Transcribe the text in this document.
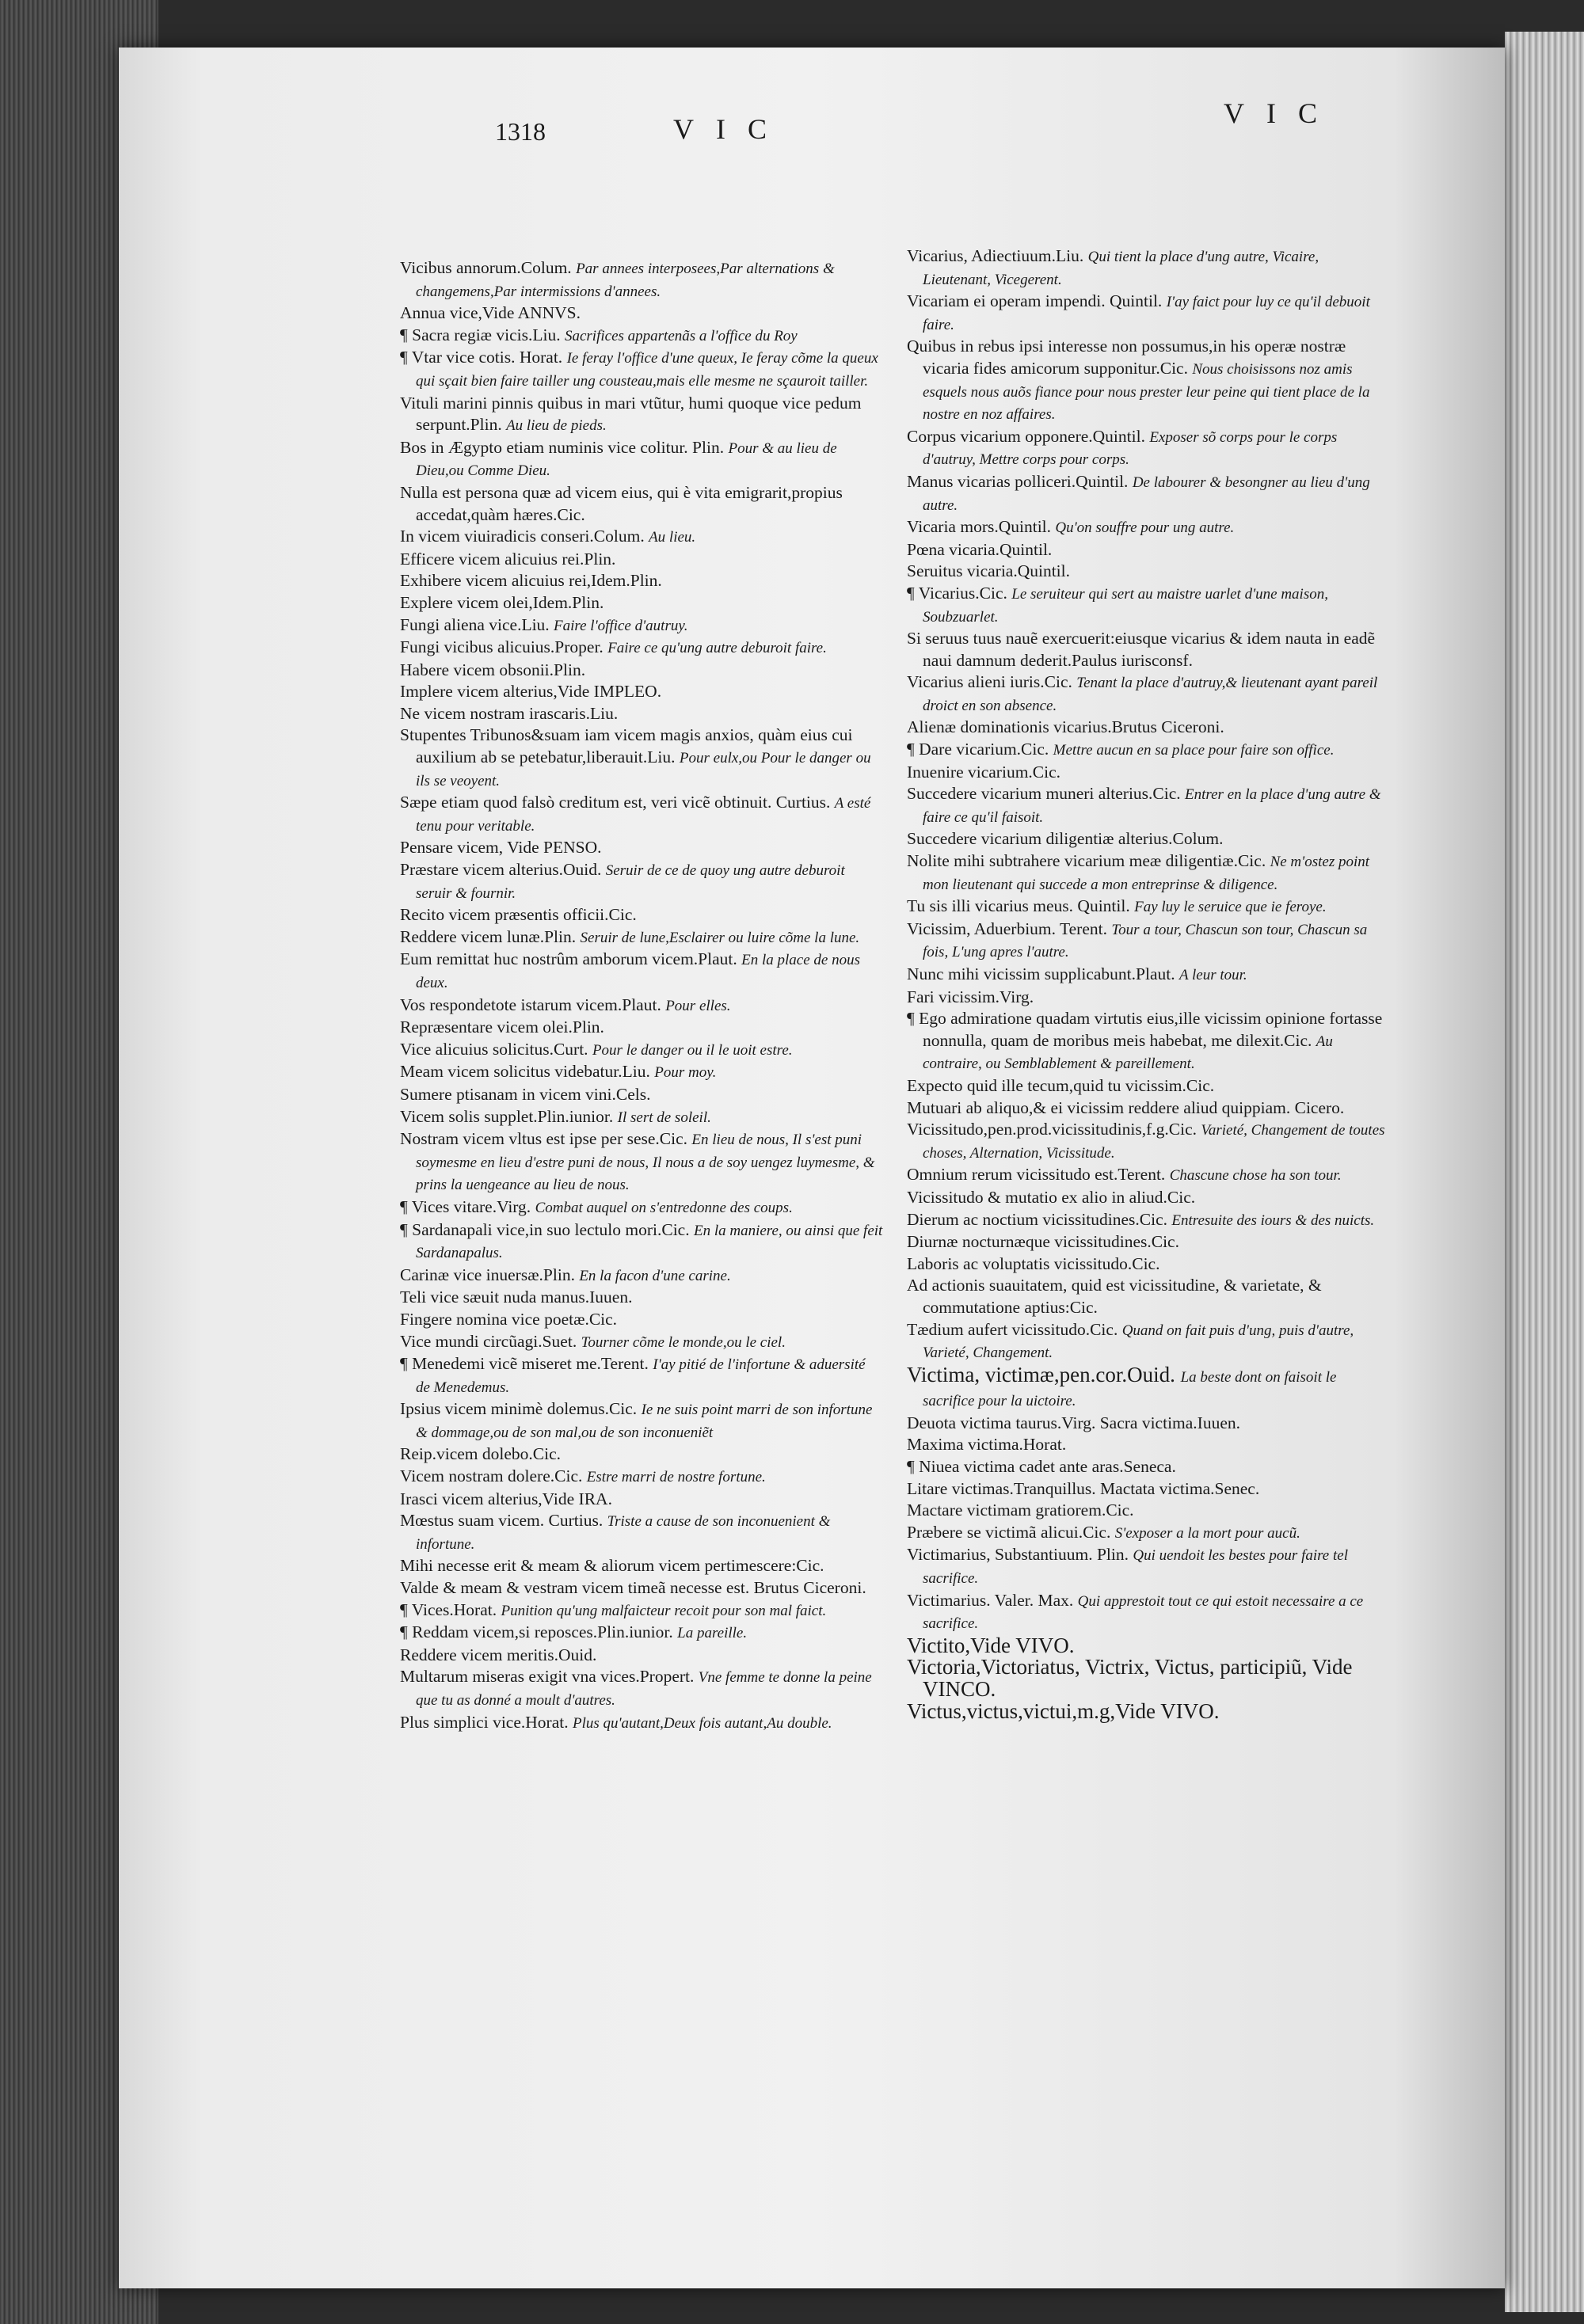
1318	VIC	VIC

Vicibus annorum.Colum. Par annees interposees,Par alternations & changemens,Par intermissions d'annees.

Annua vice,Vide ANNVS.

¶ Sacra regiæ vicis.Liu. Sacrifices appartenãs a l'office du Roy

¶ Vtar vice cotis. Horat. Ie feray l'office d'une queux, Ie feray cõme la queux qui sçait bien faire tailler ung cousteau,mais elle mesme ne sçauroit tailler.

Vituli marini pinnis quibus in mari vtũtur, humi quoque vice pedum serpunt.Plin. Au lieu de pieds.

Bos in Ægypto etiam numinis vice colitur. Plin. Pour & au lieu de Dieu,ou Comme Dieu.

Nulla est persona quæ ad vicem eius, qui è vita emigrarit,propius accedat,quàm hæres.Cic.

In vicem viuiradicis conseri.Colum. Au lieu.

Efficere vicem alicuius rei.Plin.

Exhibere vicem alicuius rei,Idem.Plin.

Explere vicem olei,Idem.Plin.

Fungi aliena vice.Liu. Faire l'office d'autruy.

Fungi vicibus alicuius.Proper. Faire ce qu'ung autre deburoit faire.

Habere vicem obsonii.Plin.

Implere vicem alterius,Vide IMPLEO.

Ne vicem nostram irascaris.Liu.

Stupentes Tribunos&suam iam vicem magis anxios, quàm eius cui auxilium ab se petebatur,liberauit.Liu. Pour eulx,ou Pour le danger ou ils se veoyent.

Sæpe etiam quod falsò creditum est, veri vicẽ obtinuit. Curtius. A esté tenu pour veritable.

Pensare vicem, Vide PENSO.

Præstare vicem alterius.Ouid. Seruir de ce de quoy ung autre deburoit seruir & fournir.

Recito vicem præsentis officii.Cic.

Reddere vicem lunæ.Plin. Seruir de lune,Esclairer ou luire cõme la lune.

Eum remittat huc nostrûm amborum vicem.Plaut. En la place de nous deux.

Vos respondetote istarum vicem.Plaut. Pour elles.

Repræsentare vicem olei.Plin.

Vice alicuius solicitus.Curt. Pour le danger ou il le uoit estre.

Meam vicem solicitus videbatur.Liu. Pour moy.

Sumere ptisanam in vicem vini.Cels.

Vicem solis supplet.Plin.iunior. Il sert de soleil.

Nostram vicem vltus est ipse per sese.Cic. En lieu de nous, Il s'est puni soymesme en lieu d'estre puni de nous, Il nous a de soy uengez luymesme, & prins la uengeance au lieu de nous.

¶ Vices vitare.Virg. Combat auquel on s'entredonne des coups.

¶ Sardanapali vice,in suo lectulo mori.Cic. En la maniere, ou ainsi que feit Sardanapalus.

Carinæ vice inuersæ.Plin. En la facon d'une carine.

Teli vice sæuit nuda manus.Iuuen.

Fingere nomina vice poetæ.Cic.

Vice mundi circũagi.Suet. Tourner cõme le monde,ou le ciel.

¶ Menedemi vicẽ miseret me.Terent. I'ay pitié de l'infortune & aduersité de Menedemus.

Ipsius vicem minimè dolemus.Cic. Ie ne suis point marri de son infortune & dommage,ou de son mal,ou de son inconueniẽt

Reip.vicem dolebo.Cic.

Vicem nostram dolere.Cic. Estre marri de nostre fortune.

Irasci vicem alterius,Vide IRA.

Mœstus suam vicem. Curtius. Triste a cause de son inconuenient & infortune.

Mihi necesse erit & meam & aliorum vicem pertimescere:Cic.

Valde & meam & vestram vicem timeã necesse est. Brutus Ciceroni.

¶ Vices.Horat. Punition qu'ung malfaicteur recoit pour son mal faict.

¶ Reddam vicem,si reposces.Plin.iunior. La pareille.

Reddere vicem meritis.Ouid.

Multarum miseras exigit vna vices.Propert. Vne femme te donne la peine que tu as donné a moult d'autres.

Plus simplici vice.Horat. Plus qu'autant,Deux fois autant,Au double.

Vicarius, Adiectiuum.Liu. Qui tient la place d'ung autre, Vicaire, Lieutenant, Vicegerent.

Vicariam ei operam impendi. Quintil. I'ay faict pour luy ce qu'il debuoit faire.

Quibus in rebus ipsi interesse non possumus,in his operæ nostræ vicaria fides amicorum supponitur.Cic. Nous choisissons noz amis esquels nous auõs fiance pour nous prester leur peine qui tient place de la nostre en noz affaires.

Corpus vicarium opponere.Quintil. Exposer sõ corps pour le corps d'autruy, Mettre corps pour corps.

Manus vicarias polliceri.Quintil. De labourer & besongner au lieu d'ung autre.

Vicaria mors.Quintil. Qu'on souffre pour ung autre.

Pœna vicaria.Quintil.

Seruitus vicaria.Quintil.

¶ Vicarius.Cic. Le seruiteur qui sert au maistre uarlet d'une maison, Soubzuarlet.

Si seruus tuus nauẽ exercuerit:eiusque vicarius & idem nauta in eadẽ naui damnum dederit.Paulus iurisconsf.

Vicarius alieni iuris.Cic. Tenant la place d'autruy,& lieutenant ayant pareil droict en son absence.

Alienæ dominationis vicarius.Brutus Ciceroni.

¶ Dare vicarium.Cic. Mettre aucun en sa place pour faire son office.

Inuenire vicarium.Cic.

Succedere vicarium muneri alterius.Cic. Entrer en la place d'ung autre & faire ce qu'il faisoit.

Succedere vicarium diligentiæ alterius.Colum.

Nolite mihi subtrahere vicarium meæ diligentiæ.Cic. Ne m'ostez point mon lieutenant qui succede a mon entreprinse & diligence.

Tu sis illi vicarius meus. Quintil. Fay luy le seruice que ie feroye.

Vicissim, Aduerbium. Terent. Tour a tour, Chascun son tour, Chascun sa fois, L'ung apres l'autre.

Nunc mihi vicissim supplicabunt.Plaut. A leur tour.

Fari vicissim.Virg.

¶ Ego admiratione quadam virtutis eius,ille vicissim opinione fortasse nonnulla, quam de moribus meis habebat, me dilexit.Cic. Au contraire, ou Semblablement & pareillement.

Expecto quid ille tecum,quid tu vicissim.Cic.

Mutuari ab aliquo,& ei vicissim reddere aliud quippiam. Cicero.

Vicissitudo,pen.prod.vicissitudinis,f.g.Cic. Varieté, Changement de toutes choses, Alternation, Vicissitude.

Omnium rerum vicissitudo est.Terent. Chascune chose ha son tour.

Vicissitudo & mutatio ex alio in aliud.Cic.

Dierum ac noctium vicissitudines.Cic. Entresuite des iours & des nuicts.

Diurnæ nocturnæque vicissitudines.Cic.

Laboris ac voluptatis vicissitudo.Cic.

Ad actionis suauitatem, quid est vicissitudine, & varietate, & commutatione aptius:Cic.

Tædium aufert vicissitudo.Cic. Quand on fait puis d'ung, puis d'autre, Varieté, Changement.

Victima, victimæ,pen.cor.Ouid. La beste dont on faisoit le sacrifice pour la uictoire.

Deuota victima taurus.Virg. Sacra victima.Iuuen.

Maxima victima.Horat.

¶ Niuea victima cadet ante aras.Seneca.

Litare victimas.Tranquillus. Mactata victima.Senec.

Mactare victimam gratiorem.Cic.

Præbere se victimã alicui.Cic. S'exposer a la mort pour aucũ.

Victimarius, Substantiuum. Plin. Qui uendoit les bestes pour faire tel sacrifice.

Victimarius. Valer. Max. Qui apprestoit tout ce qui estoit necessaire a ce sacrifice.

Victito,Vide VIVO.

Victoria,Victoriatus, Victrix, Victus, participiũ, Vide VINCO.

Victus,victus,victui,m.g,Vide VIVO.
